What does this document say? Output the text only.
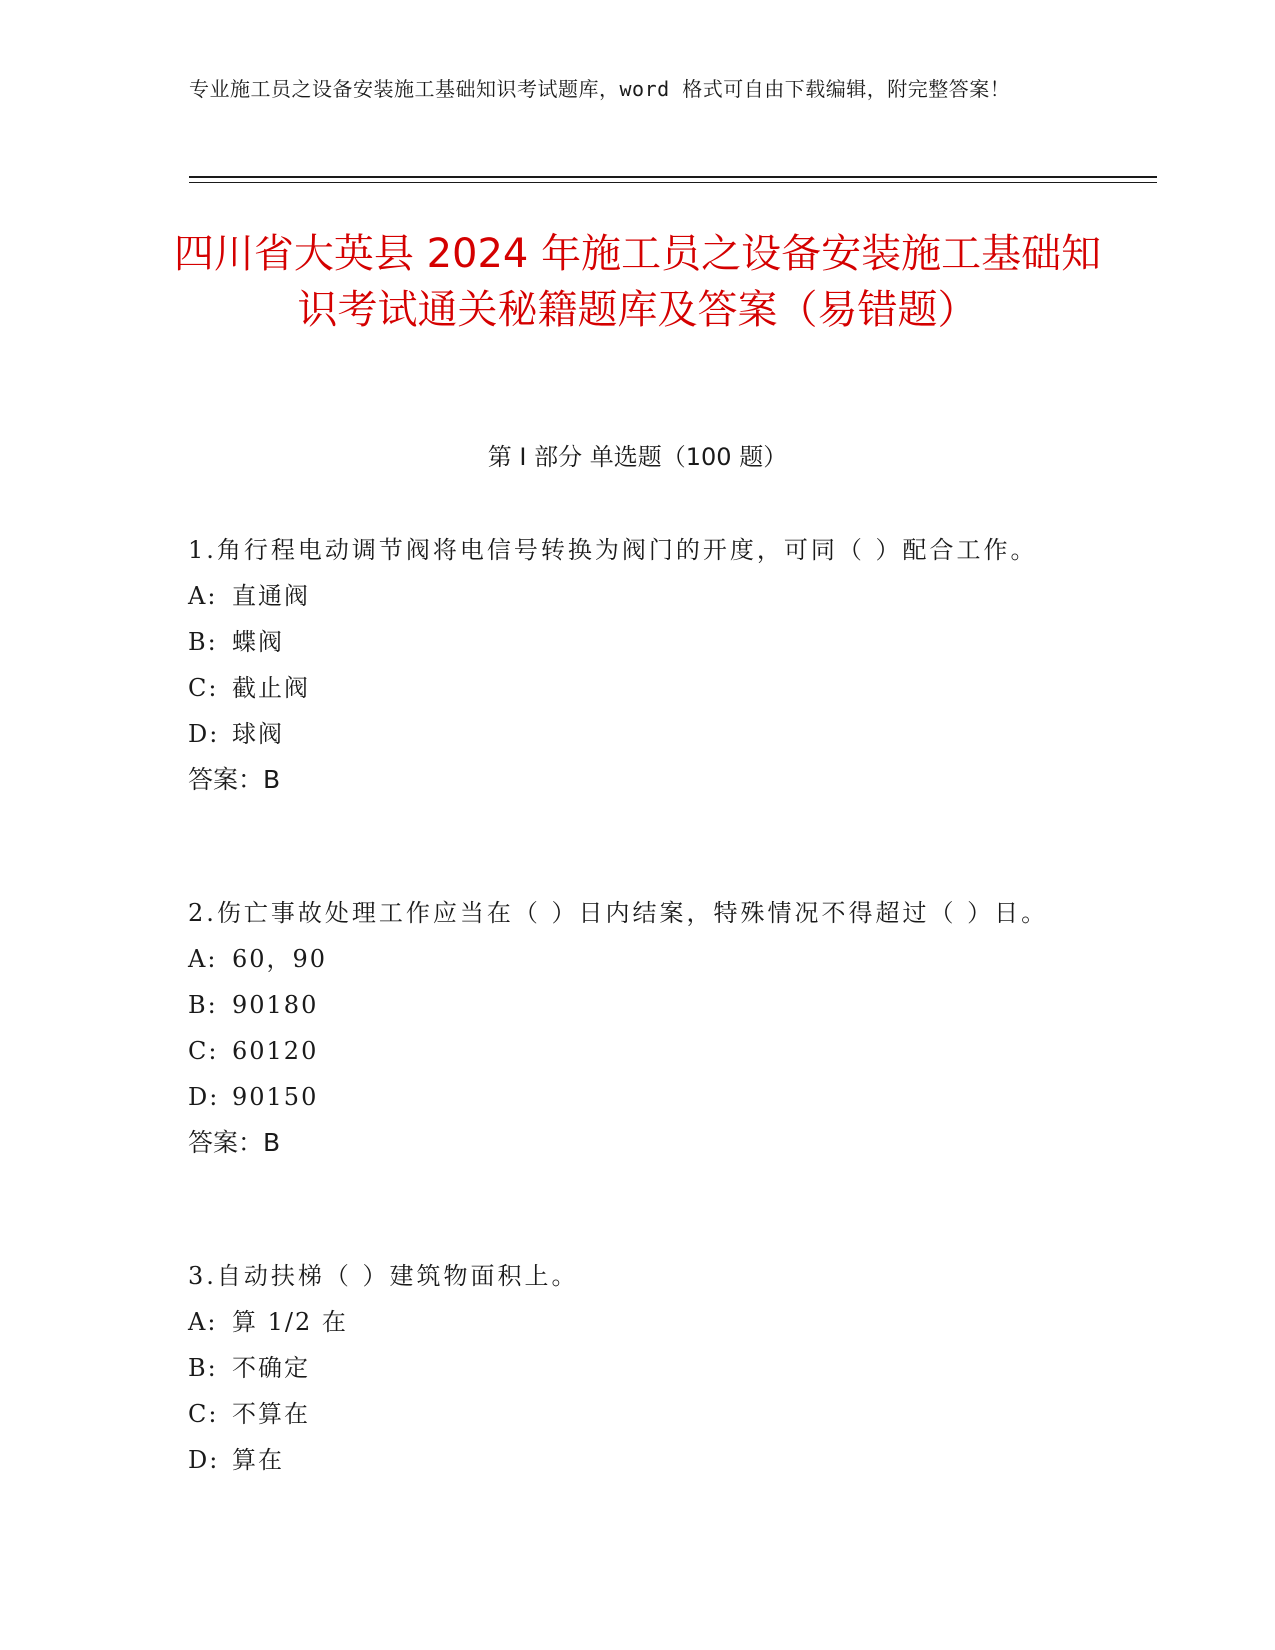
专业施工员之设备安装施工基础知识考试题库，word 格式可自由下载编辑，附完整答案！
四川省大英县 2024 年施工员之设备安装施工基础知识考试通关秘籍题库及答案（易错题）
第 I 部分 单选题（100 题）
1.角行程电动调节阀将电信号转换为阀门的开度，可同（ ）配合工作。
A: 直通阀
B: 蝶阀
C: 截止阀
D: 球阀
答案：B
2.伤亡事故处理工作应当在（ ）日内结案，特殊情况不得超过（ ）日。
A: 60，90
B: 90180
C: 60120
D: 90150
答案：B
3.自动扶梯（ ）建筑物面积上。
A: 算 1/2 在
B: 不确定
C: 不算在
D: 算在
